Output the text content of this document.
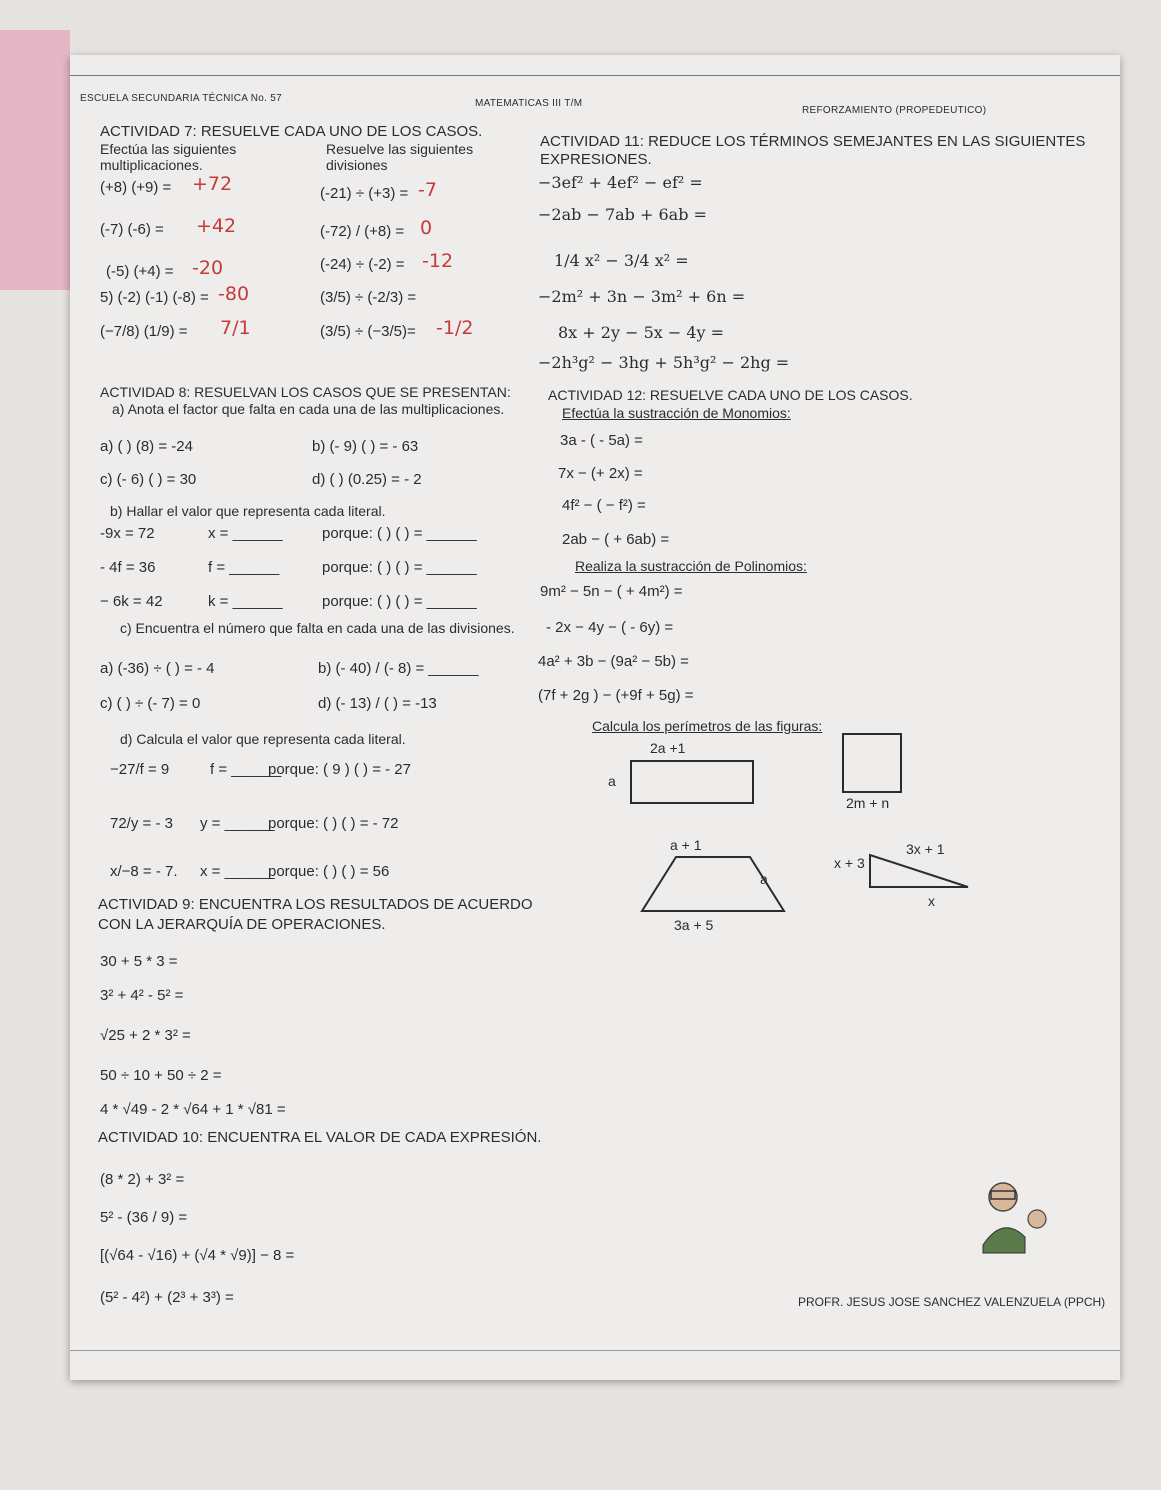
ESCUELA SECUNDARIA TÉCNICA No. 57	MATEMATICAS III T/M
REFORZAMIENTO (PROPEDEUTICO)
ACTIVIDAD 7: RESUELVE CADA UNO DE LOS CASOS.
Efectúa las siguientes multiplicaciones.
Resuelve las siguientes divisiones
(+8) (+9) = +72
(-7) (-6) = +42
(-5) (+4) = -20
5) (-2) (-1) (-8) = -80
(−7/8) (1/9) = 7/1
(-21) ÷ (+3) = -7
(-72) / (+8) = 0
(-24) ÷ (-2) = -12
(3/5) ÷ (-2/3) =
(3/5) ÷ (−3/5)= -1/2
ACTIVIDAD 11: REDUCE LOS TÉRMINOS SEMEJANTES EN LAS SIGUIENTES EXPRESIONES.
−3ef² + 4ef² − ef² =
−2ab − 7ab + 6ab =
1/4 x² − 3/4 x² =
−2m² + 3n − 3m² + 6n =
8x + 2y − 5x − 4y =
−2h³g² − 3hg + 5h³g² − 2hg =
ACTIVIDAD 8: RESUELVAN LOS CASOS QUE SE PRESENTAN:
a) Anota el factor que falta en cada una de las multiplicaciones.
a) ( ) (8) = -24	b) (- 9) ( ) = - 63
c) (- 6) ( ) = 30	d) ( ) (0.25) = - 2
b) Hallar el valor que representa cada literal.
-9x = 72	x = ______	porque: ( ) ( ) = ______
- 4f = 36	f = ______	porque: ( ) ( ) = ______
− 6k = 42	k = ______	porque: ( ) ( ) = ______
c) Encuentra el número que falta en cada una de las divisiones.
a) (-36) ÷ ( ) = - 4	b) (- 40) / (- 8) = ______
c) ( ) ÷ (- 7) = 0	d) (- 13) / ( ) = -13
d) Calcula el valor que representa cada literal.
−27/f = 9	f = ______
porque: ( 9 ) ( ) = - 27
72/y = - 3 y = ______
porque: ( ) ( ) = - 72
x/−8 = - 7. x = ______
porque: ( ) ( ) = 56
ACTIVIDAD 12: RESUELVE CADA UNO DE LOS CASOS.
Efectúa la sustracción de Monomios:
3a - ( - 5a) =
7x − (+ 2x) =
4f² − ( − f²) =
2ab − ( + 6ab) =
Realiza la sustracción de Polinomios:
9m² − 5n − ( + 4m²) =
- 2x − 4y − ( - 6y) =
4a² + 3b − (9a² − 5b) =
(7f + 2g ) − (+9f + 5g) =
Calcula los perímetros de las figuras:
2a +1
a
2m + n
a + 1
a
3a + 5
3x + 1
x + 3
x
ACTIVIDAD 9: ENCUENTRA LOS RESULTADOS DE ACUERDO CON LA JERARQUÍA DE OPERACIONES.
30 + 5 * 3 =
3² + 4² - 5² =
√25 + 2 * 3² =
50 ÷ 10 + 50 ÷ 2 =
4 * √49 - 2 * √64 + 1 * √81 =
ACTIVIDAD 10: ENCUENTRA EL VALOR DE CADA EXPRESIÓN.
(8 * 2) + 3² =
5² - (36 / 9) =
[(√64 - √16) + (√4 * √9)] − 8 =
(5² - 4²) + (2³ + 3³) =	PROFR. JESUS JOSE SANCHEZ VALENZUELA (PPCH)
